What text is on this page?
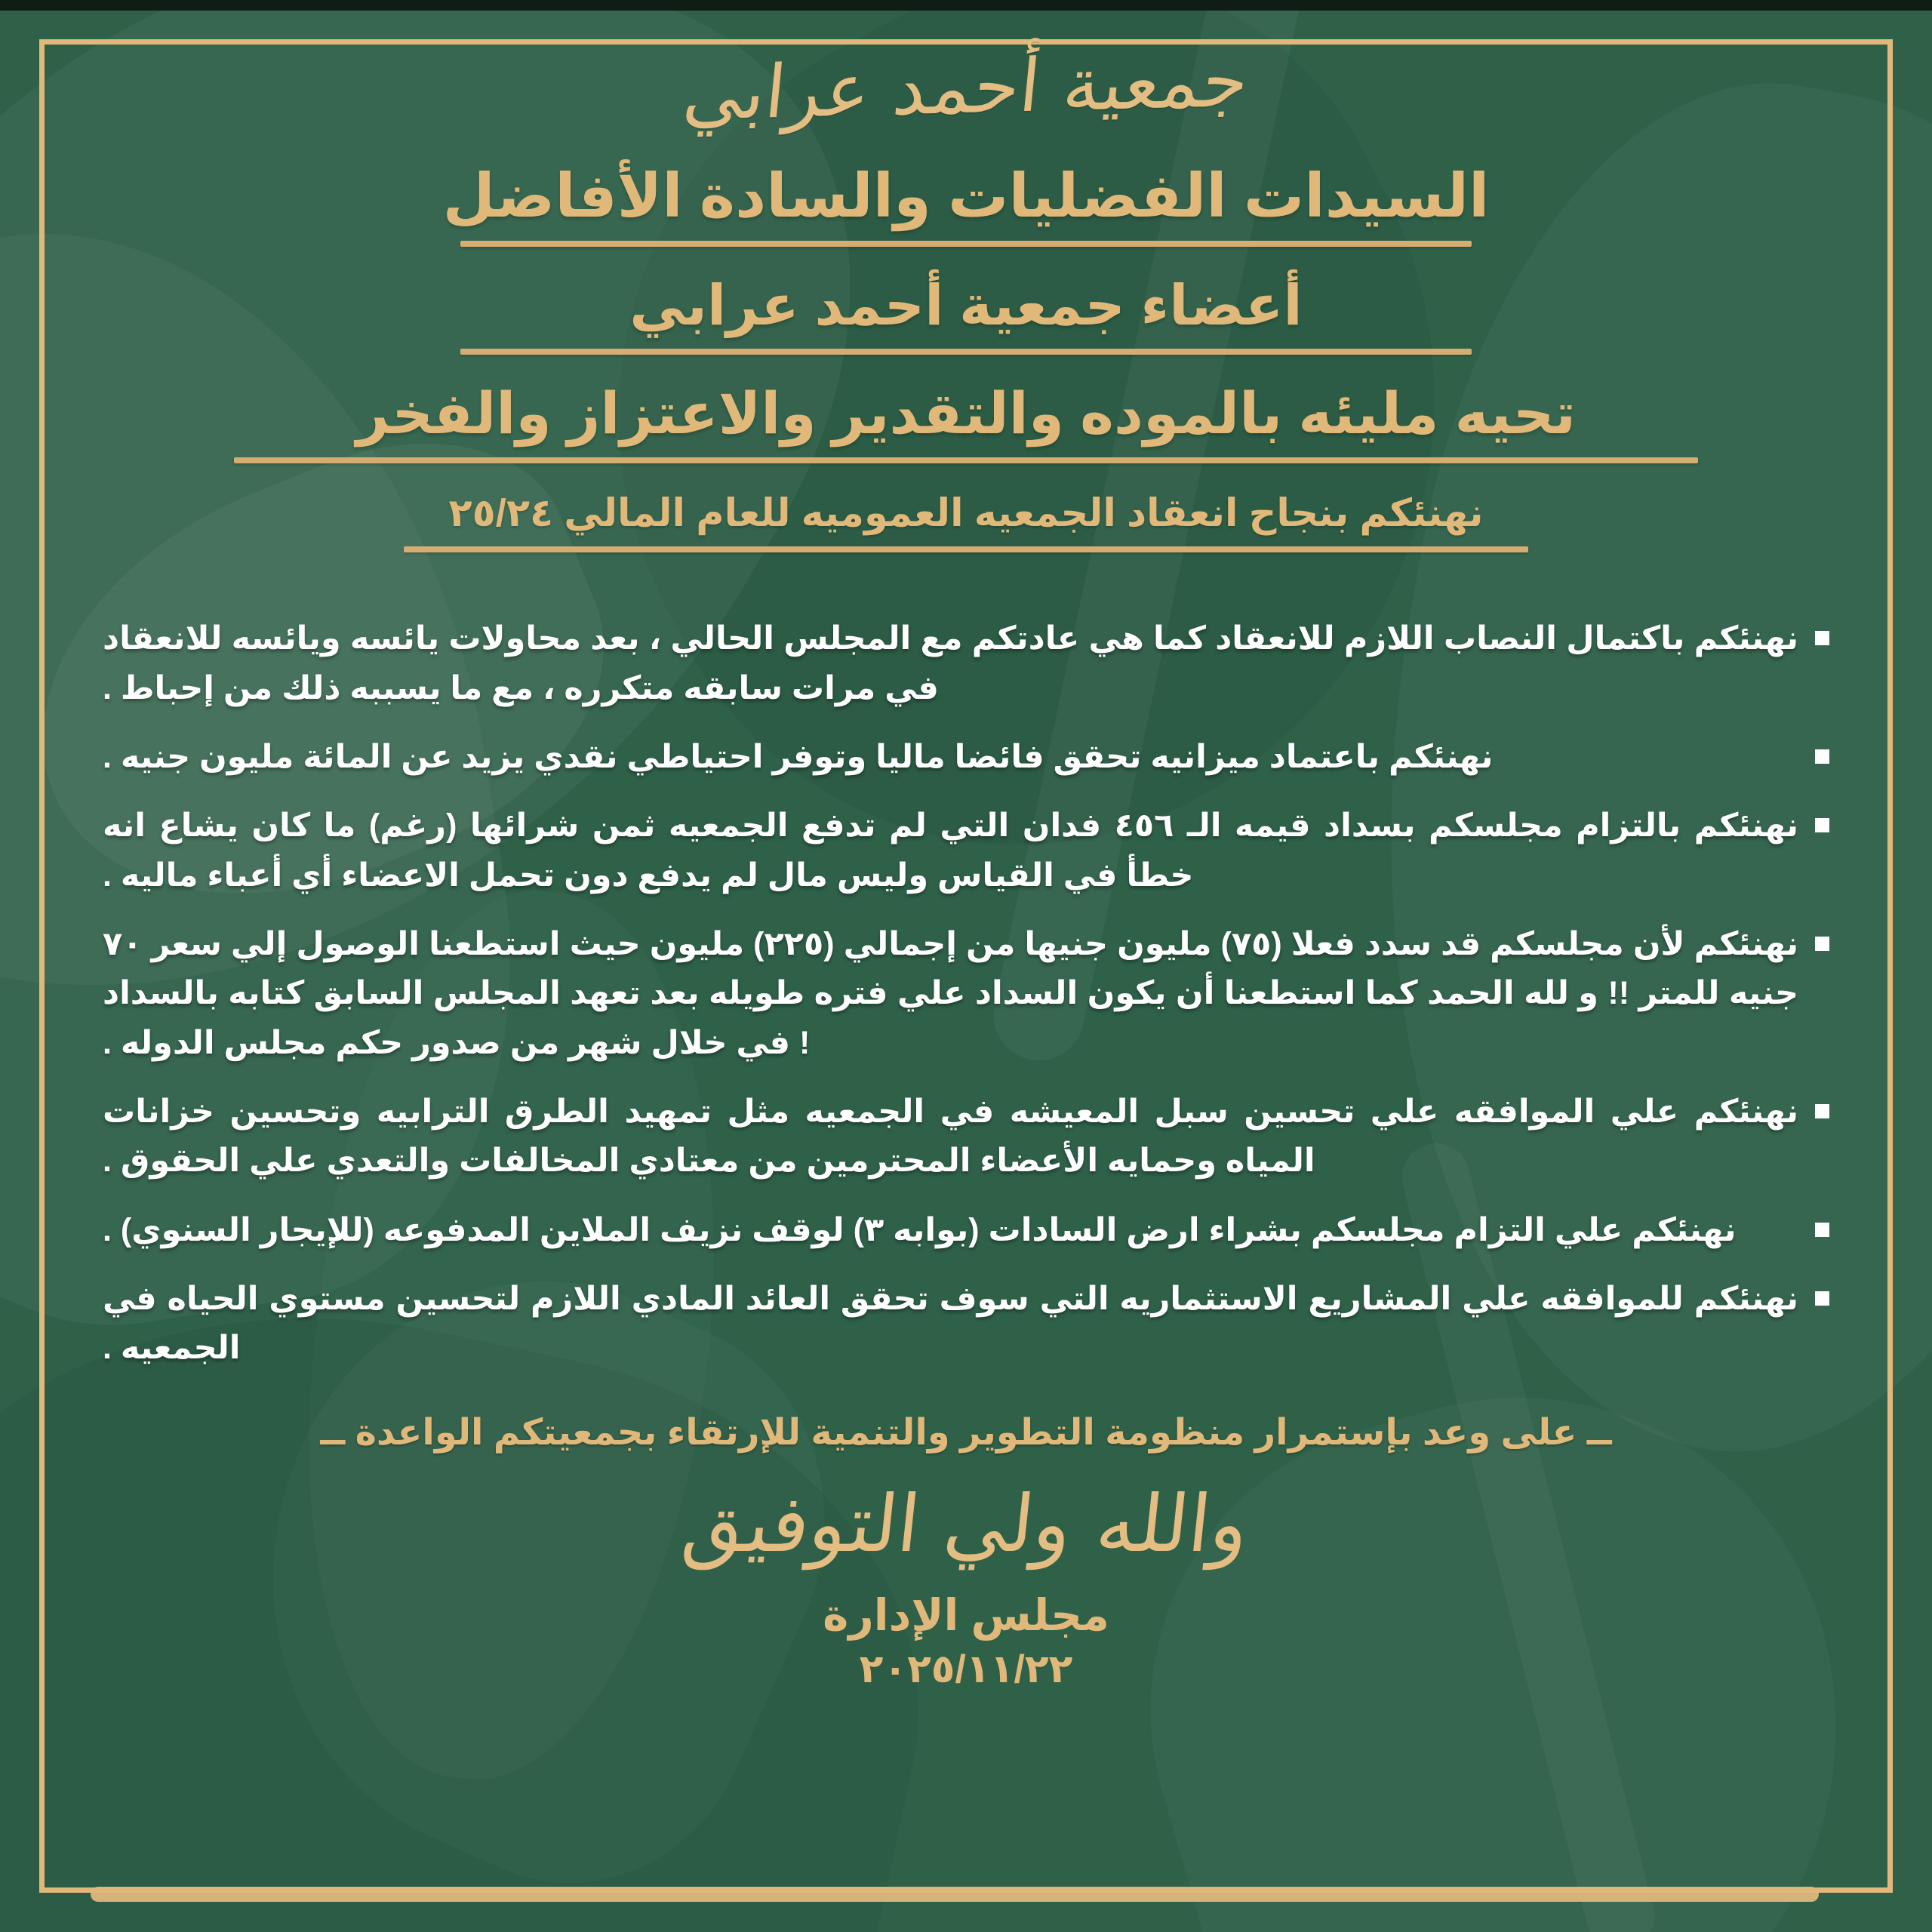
جمعية أحمد عرابي
السيدات الفضليات والسادة الأفاضل
أعضاء جمعية أحمد عرابي
تحيه مليئه بالموده والتقدير والاعتزاز والفخر
نهنئكم بنجاح انعقاد الجمعيه العموميه للعام المالي ٢٥/٢٤
نهنئكم باكتمال النصاب اللازم للانعقاد كما هي عادتكم مع المجلس الحالي ، بعد محاولات يائسه ويائسه للانعقاد في مرات سابقه متكرره ، مع ما يسببه ذلك من إحباط .
نهنئكم باعتماد ميزانيه تحقق فائضا ماليا وتوفر احتياطي نقدي يزيد عن المائة مليون جنيه .
نهنئكم بالتزام مجلسكم بسداد قيمه الـ ٤٥٦ فدان التي لم تدفع الجمعيه ثمن شرائها (رغم) ما كان يشاع انه خطأ في القياس وليس مال لم يدفع دون تحمل الاعضاء أي أعباء ماليه .
نهنئكم لأن مجلسكم قد سدد فعلا (٧٥) مليون جنيها من إجمالي (٢٢٥) مليون حيث استطعنا الوصول إلي سعر ٧٠ جنيه للمتر !! و لله الحمد كما استطعنا أن يكون السداد علي فتره طويله بعد تعهد المجلس السابق كتابه بالسداد ! في خلال شهر من صدور حكم مجلس الدوله .
نهنئكم علي الموافقه علي تحسين سبل المعيشه في الجمعيه مثل تمهيد الطرق الترابيه وتحسين خزانات المياه وحمايه الأعضاء المحترمين من معتادي المخالفات والتعدي علي الحقوق .
نهنئكم علي التزام مجلسكم بشراء ارض السادات (بوابه ٣) لوقف نزيف الملاين المدفوعه (للإيجار السنوي) .
نهنئكم للموافقه علي المشاريع الاستثماريه التي سوف تحقق العائد المادي اللازم لتحسين مستوي الحياه في الجمعيه .
ــ على وعد بإستمرار منظومة التطوير والتنمية للإرتقاء بجمعيتكم الواعدة ــ
والله ولي التوفيق
مجلس الإدارة
٢٠٢٥/١١/٢٢
